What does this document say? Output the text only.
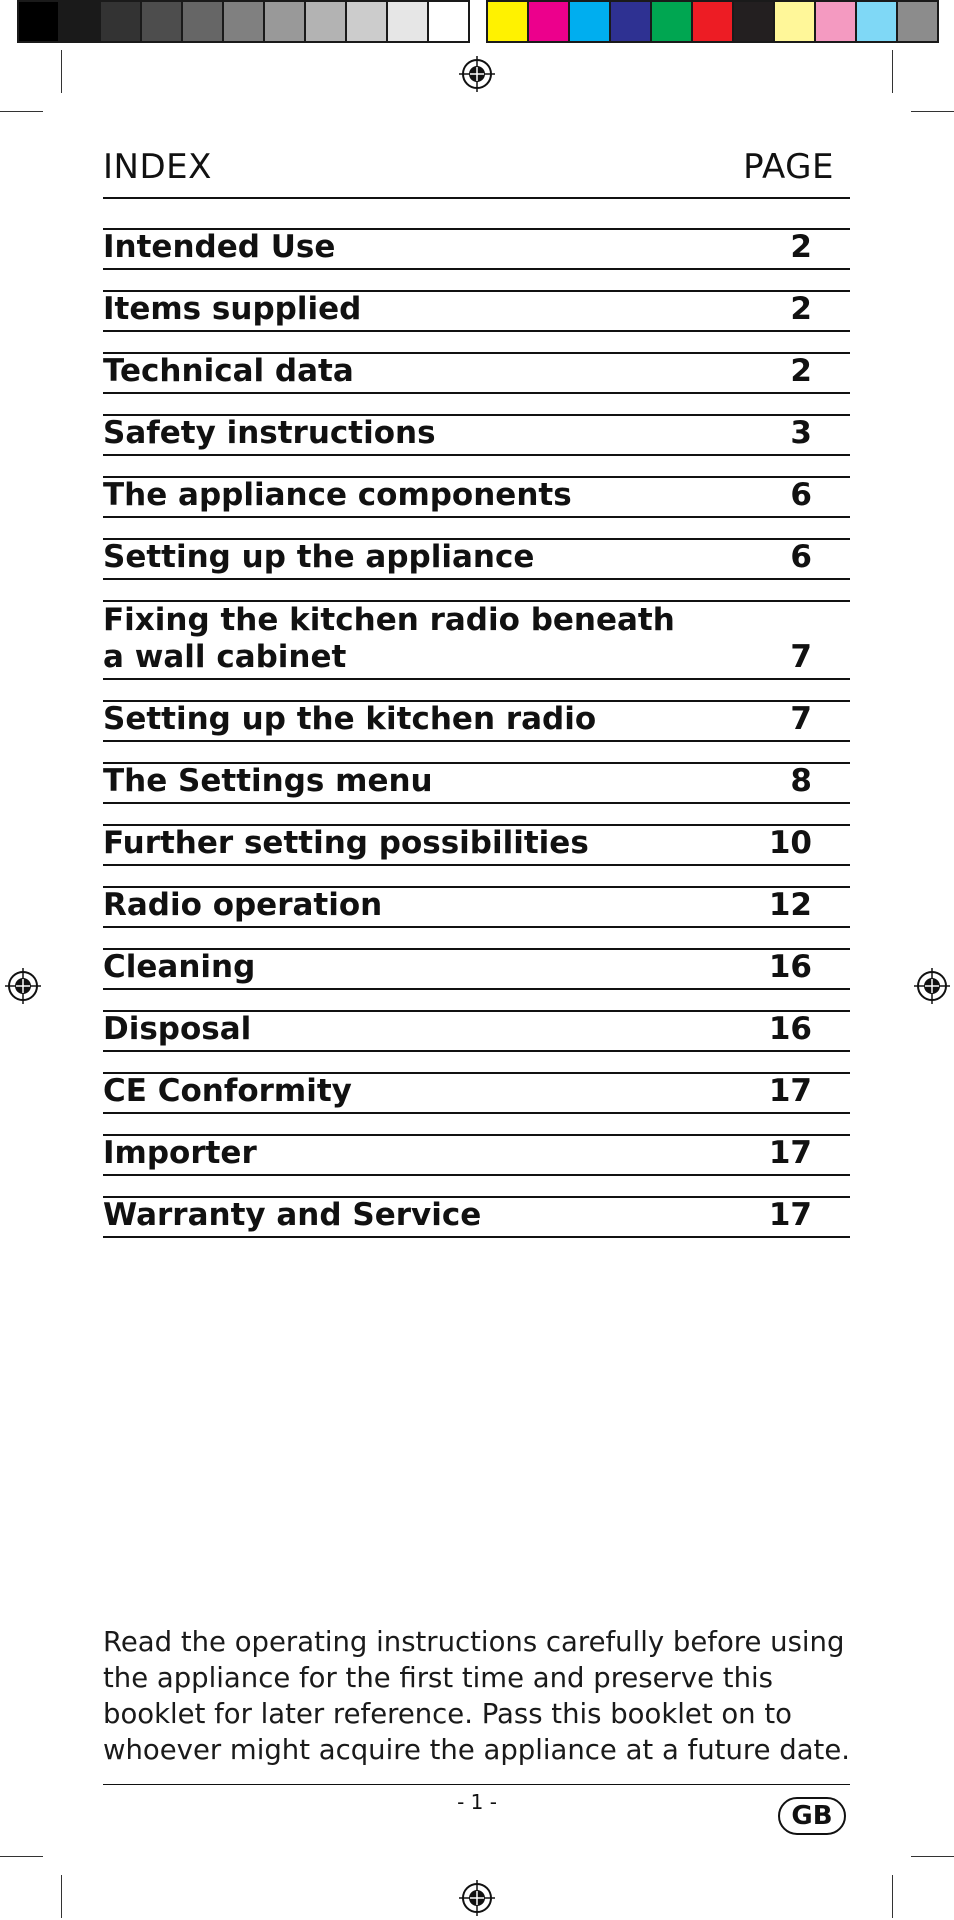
INDEX	PAGE
Intended Use	2
Items supplied	2
Technical data	2
Safety instructions	3
The appliance components	6
Setting up the appliance	6
Fixing the kitchen radio beneath
a wall cabinet	7
Setting up the kitchen radio	7
The Settings menu	8
Further setting possibilities	10
Radio operation	12
Cleaning	16
Disposal	16
CE Conformity	17
Importer	17
Warranty and Service	17

Read the operating instructions carefully before using the appliance for the first time and preserve this booklet for later reference. Pass this booklet on to whoever might acquire the appliance at a future date.

- 1 -	GB
